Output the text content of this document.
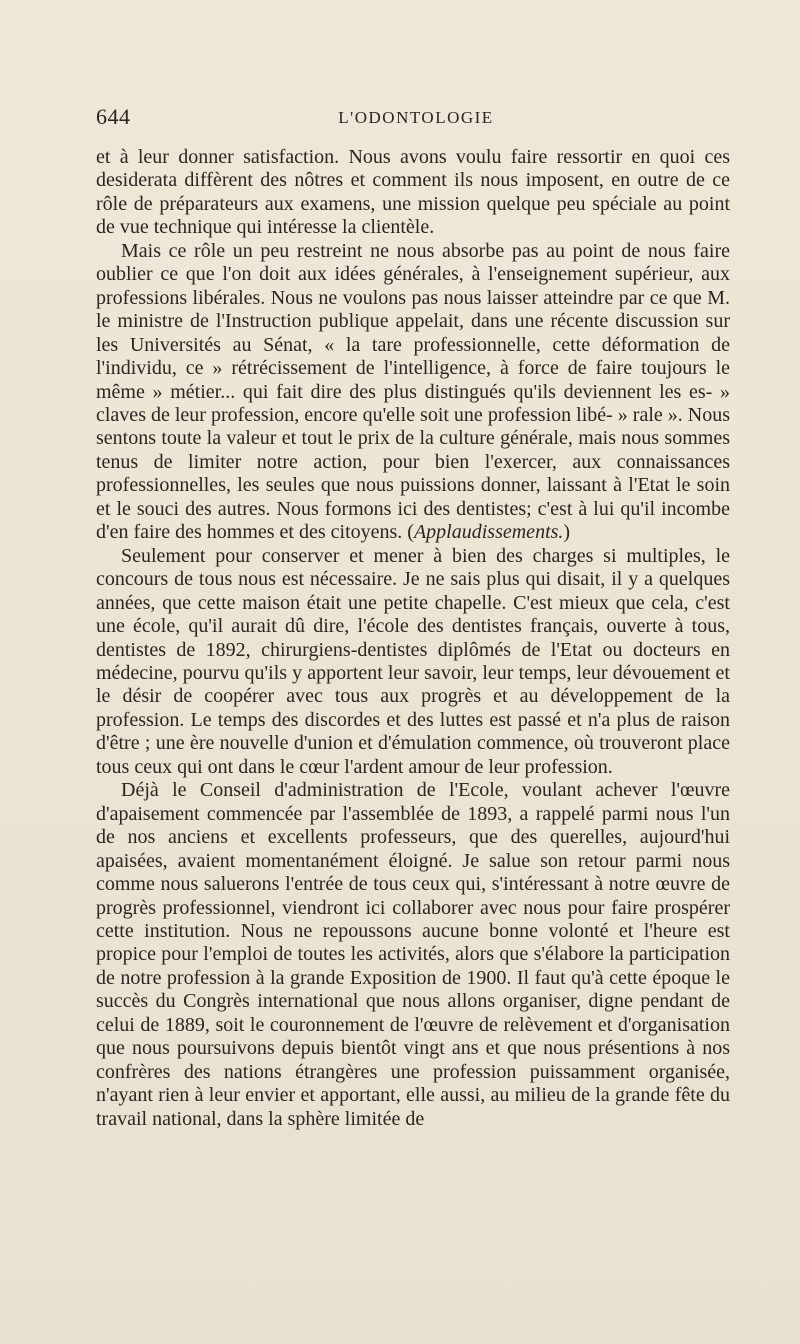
644	L'ODONTOLOGIE

et à leur donner satisfaction. Nous avons voulu faire ressortir en quoi ces desiderata diffèrent des nôtres et comment ils nous imposent, en outre de ce rôle de préparateurs aux examens, une mission quelque peu spéciale au point de vue technique qui intéresse la clientèle.

Mais ce rôle un peu restreint ne nous absorbe pas au point de nous faire oublier ce que l'on doit aux idées générales, à l'enseignement supérieur, aux professions libérales. Nous ne voulons pas nous laisser atteindre par ce que M. le ministre de l'Instruction publique appelait, dans une récente discussion sur les Universités au Sénat, « la tare professionnelle, cette déformation de l'individu, ce » rétrécissement de l'intelligence, à force de faire toujours le même » métier... qui fait dire des plus distingués qu'ils deviennent les es- » claves de leur profession, encore qu'elle soit une profession libé- » rale ». Nous sentons toute la valeur et tout le prix de la culture générale, mais nous sommes tenus de limiter notre action, pour bien l'exercer, aux connaissances professionnelles, les seules que nous puissions donner, laissant à l'Etat le soin et le souci des autres. Nous formons ici des dentistes; c'est à lui qu'il incombe d'en faire des hommes et des citoyens. (Applaudissements.)

Seulement pour conserver et mener à bien des charges si multiples, le concours de tous nous est nécessaire. Je ne sais plus qui disait, il y a quelques années, que cette maison était une petite chapelle. C'est mieux que cela, c'est une école, qu'il aurait dû dire, l'école des dentistes français, ouverte à tous, dentistes de 1892, chirurgiens-dentistes diplômés de l'Etat ou docteurs en médecine, pourvu qu'ils y apportent leur savoir, leur temps, leur dévouement et le désir de coopérer avec tous aux progrès et au développement de la profession. Le temps des discordes et des luttes est passé et n'a plus de raison d'être ; une ère nouvelle d'union et d'émulation commence, où trouveront place tous ceux qui ont dans le cœur l'ardent amour de leur profession.

Déjà le Conseil d'administration de l'Ecole, voulant achever l'œuvre d'apaisement commencée par l'assemblée de 1893, a rappelé parmi nous l'un de nos anciens et excellents professeurs, que des querelles, aujourd'hui apaisées, avaient momentanément éloigné. Je salue son retour parmi nous comme nous saluerons l'entrée de tous ceux qui, s'intéressant à notre œuvre de progrès professionnel, viendront ici collaborer avec nous pour faire prospérer cette institution. Nous ne repoussons aucune bonne volonté et l'heure est propice pour l'emploi de toutes les activités, alors que s'élabore la participation de notre profession à la grande Exposition de 1900. Il faut qu'à cette époque le succès du Congrès international que nous allons organiser, digne pendant de celui de 1889, soit le couronnement de l'œuvre de relèvement et d'organisation que nous poursuivons depuis bientôt vingt ans et que nous présentions à nos confrères des nations étrangères une profession puissamment organisée, n'ayant rien à leur envier et apportant, elle aussi, au milieu de la grande fête du travail national, dans la sphère limitée de
